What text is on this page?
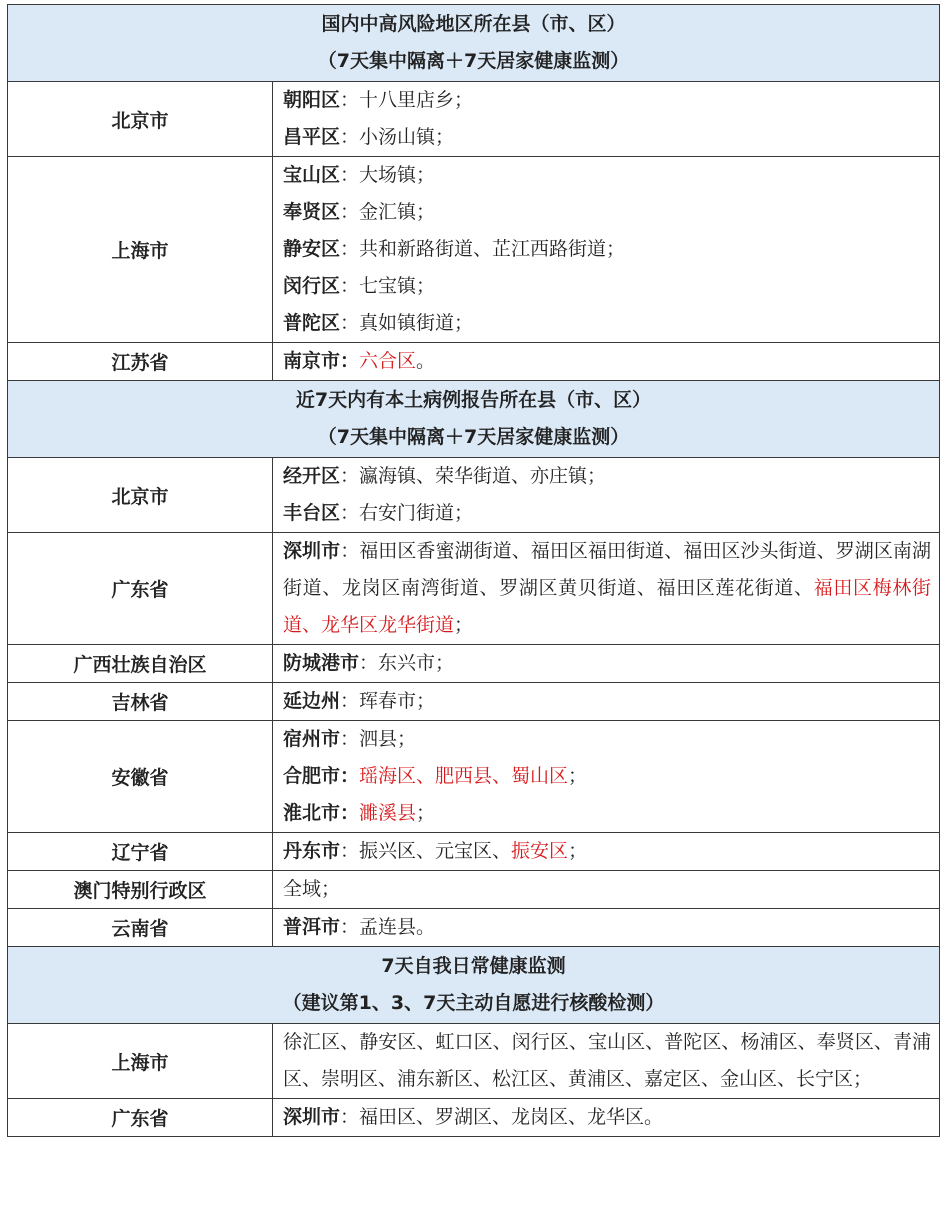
国内中高风险地区所在县（市、区）
（7天集中隔离＋7天居家健康监测）	

北京市	朝阳区：十八里店乡；
昌平区：小汤山镇；

上海市	宝山区：大场镇；
奉贤区：金汇镇；
静安区：共和新路街道、芷江西路街道；
闵行区：七宝镇；
普陀区：真如镇街道；

江苏省	南京市：六合区。

近7天内有本土病例报告所在县（市、区）
（7天集中隔离＋7天居家健康监测）	

北京市	经开区：瀛海镇、荣华街道、亦庄镇；
丰台区：右安门街道；

广东省	深圳市：福田区香蜜湖街道、福田区福田街道、福田区沙头街道、罗湖区南湖街道、龙岗区南湾街道、罗湖区黄贝街道、福田区莲花街道、福田区梅林街道、龙华区龙华街道；

广西壮族自治区	防城港市：东兴市；

吉林省	延边州：珲春市；

安徽省	宿州市：泗县；
合肥市：瑶海区、肥西县、蜀山区；
淮北市：濉溪县；

辽宁省	丹东市：振兴区、元宝区、振安区；

澳门特别行政区	全域；

云南省	普洱市：孟连县。

7天自我日常健康监测
（建议第1、3、7天主动自愿进行核酸检测）	

上海市	徐汇区、静安区、虹口区、闵行区、宝山区、普陀区、杨浦区、奉贤区、青浦区、崇明区、浦东新区、松江区、黄浦区、嘉定区、金山区、长宁区；

广东省	深圳市：福田区、罗湖区、龙岗区、龙华区。
